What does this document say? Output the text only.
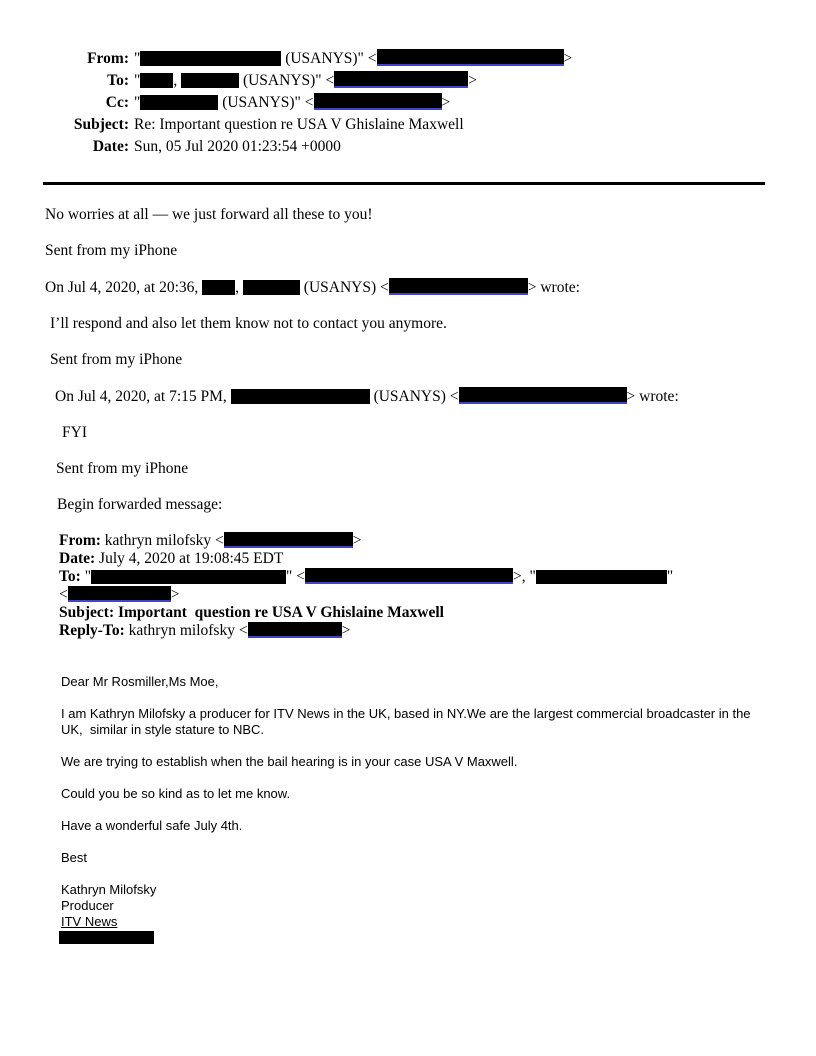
From: "	(USANYS)" <	>
To: " ,	(USANYS)" <	>
Cc: "	(USANYS)" <	>
Subject: Re: Important question re USA V Ghislaine Maxwell
Date: Sun, 05 Jul 2020 01:23:54 +0000

No worries at all — we just forward all these to you!

Sent from my iPhone

On Jul 4, 2020, at 20:36, ,	(USANYS) <	> wrote:

I’ll respond and also let them know not to contact you anymore.

Sent from my iPhone

On Jul 4, 2020, at 7:15 PM,	(USANYS) <	> wrote:

FYI

Sent from my iPhone

Begin forwarded message:

From: kathryn milofsky <	>
Date: July 4, 2020 at 19:08:45 EDT
To: "	" <	>, "	"
<	>
Subject: Important  question re USA V Ghislaine Maxwell
Reply-To: kathryn milofsky <	>

Dear Mr Rosmiller,Ms Moe,

I am Kathryn Milofsky a producer for ITV News in the UK, based in NY.We are the largest commercial broadcaster in the UK,  similar in style stature to NBC.

We are trying to establish when the bail hearing is in your case USA V Maxwell.

Could you be so kind as to let me know.

Have a wonderful safe July 4th.

Best

Kathryn Milofsky
Producer
ITV News
